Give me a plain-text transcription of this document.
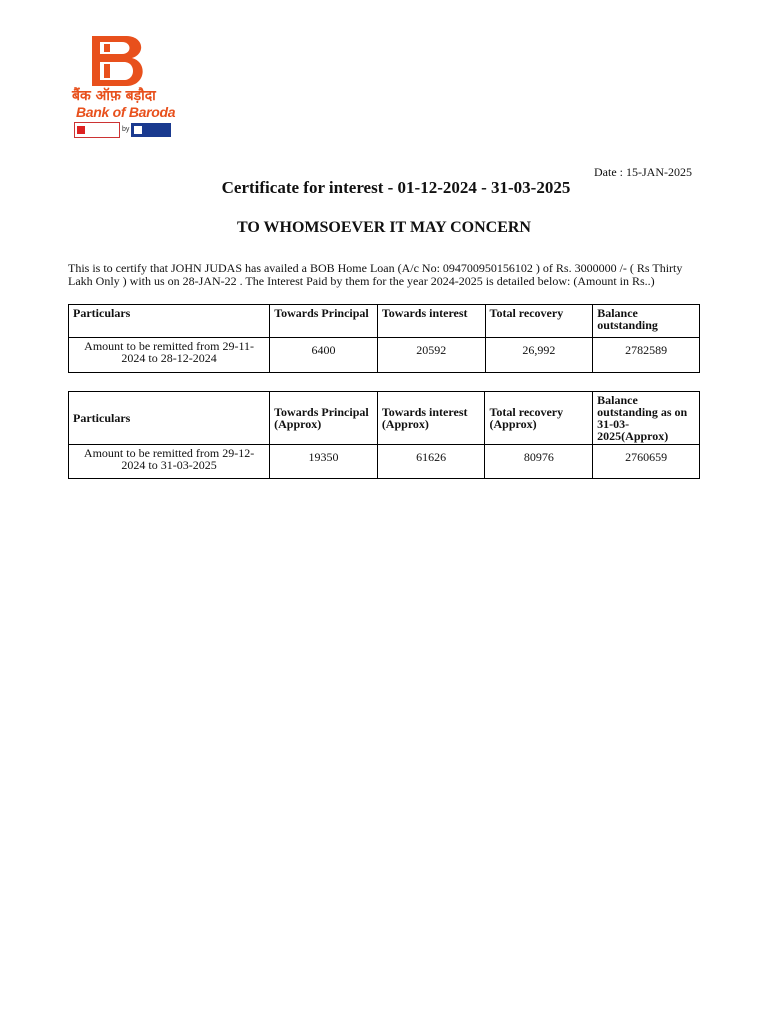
बैंक ऑफ़ बड़ौदा
Bank of Baroda
by
Date : 15-JAN-2025
Certificate for interest - 01-12-2024 - 31-03-2025
TO WHOMSOEVER IT MAY CONCERN
This is to certify that JOHN JUDAS has availed a BOB Home Loan (A/c No: 094700950156102 ) of Rs. 3000000 /- ( Rs Thirty Lakh Only ) with us on 28-JAN-22 . The Interest Paid by them for the year 2024-2025 is detailed below: (Amount in Rs..)
Particulars	Towards Principal	Towards interest	Total recovery	Balance outstanding
Amount to be remitted from 29-11-2024 to 28-12-2024	6400	20592	26,992	2782589
Particulars	Towards Principal (Approx)	Towards interest (Approx)	Total recovery (Approx)	Balance outstanding as on 31-03-2025(Approx)
Amount to be remitted from 29-12-2024 to 31-03-2025	19350	61626	80976	2760659
